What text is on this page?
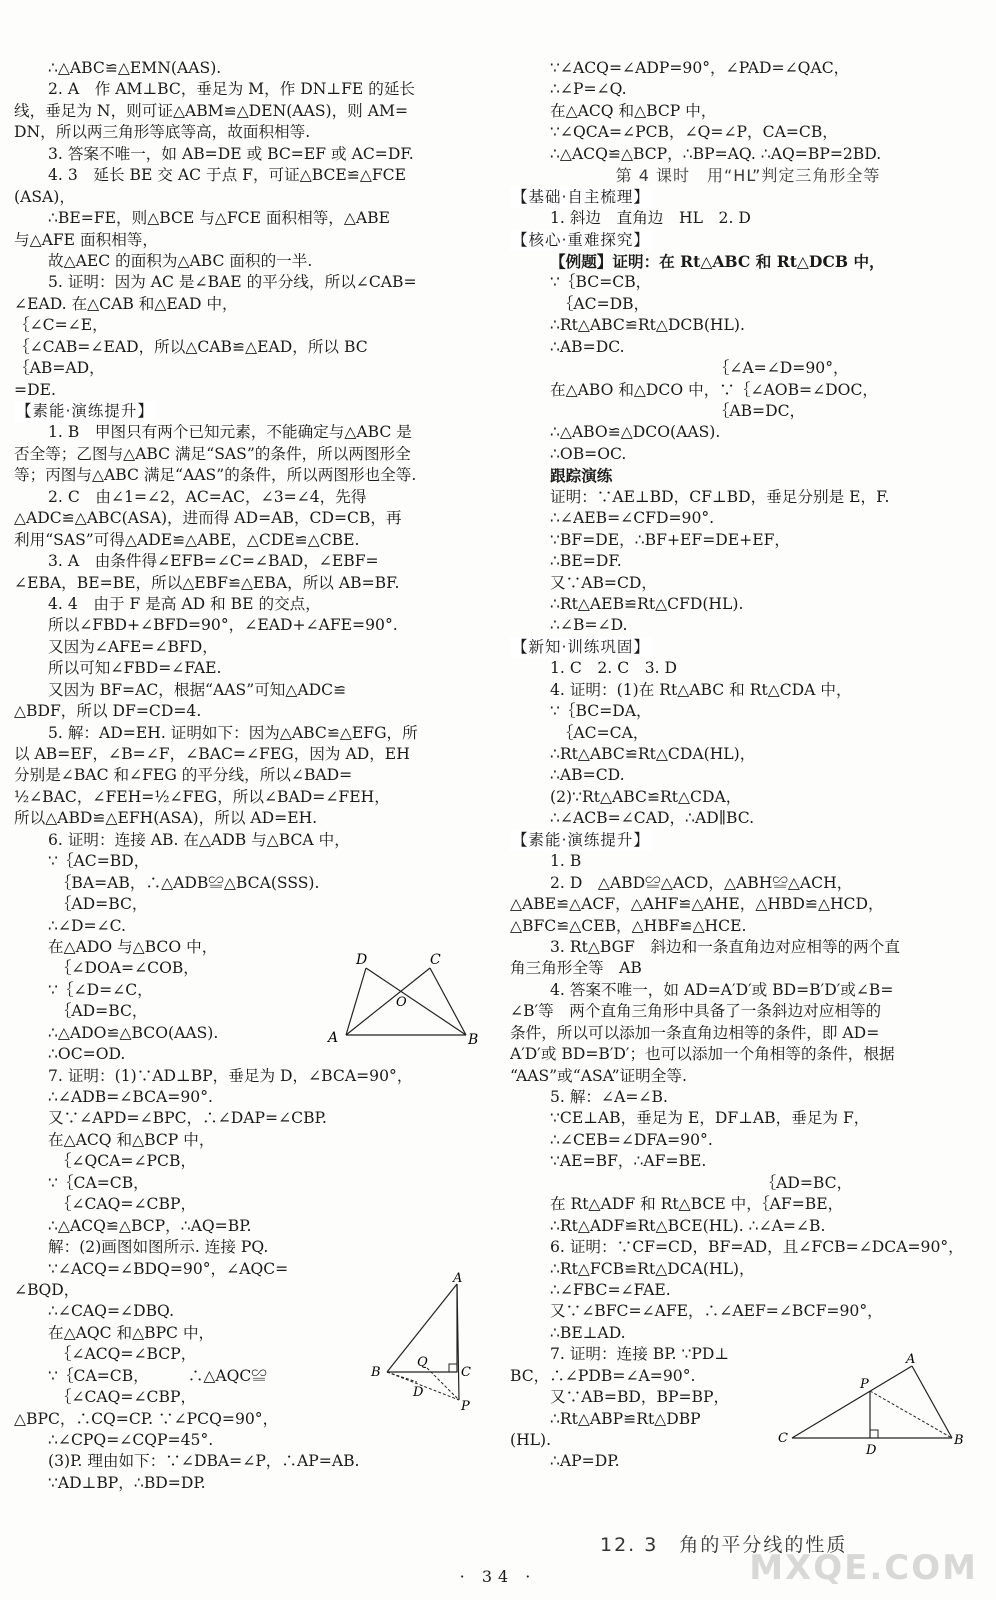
∴△ABC≌△EMN(AAS).
2. A　作 AM⊥BC，垂足为 M，作 DN⊥FE 的延长
线，垂足为 N，则可证△ABM≌△DEN(AAS)，则 AM=
DN，所以两三角形等底等高，故面积相等.
3. 答案不唯一，如 AB=DE 或 BC=EF 或 AC=DF.
4. 3　延长 BE 交 AC 于点 F，可证△BCE≌△FCE
(ASA)，
∴BE=FE，则△BCE 与△FCE 面积相等，△ABE
与△AFE 面积相等，
故△AEC 的面积为△ABC 面积的一半.
5. 证明：因为 AC 是∠BAE 的平分线，所以∠CAB=
∠EAD. 在△CAB 和△EAD 中，
｛∠C=∠E，
｛∠CAB=∠EAD，所以△CAB≌△EAD，所以 BC
｛AB=AD，
=DE.
【素能·演练提升】
1. B　甲图只有两个已知元素，不能确定与△ABC 是
否全等；乙图与△ABC 满足“SAS”的条件，所以两图形全
等；丙图与△ABC 满足“AAS”的条件，所以两图形也全等.
2. C　由∠1=∠2，AC=AC，∠3=∠4，先得
△ADC≌△ABC(ASA)，进而得 AD=AB，CD=CB，再
利用“SAS”可得△ADE≌△ABE，△CDE≌△CBE.
3. A　由条件得∠EFB=∠C=∠BAD，∠EBF=
∠EBA，BE=BE，所以△EBF≌△EBA，所以 AB=BF.
4. 4　由于 F 是高 AD 和 BE 的交点，
所以∠FBD+∠BFD=90°，∠EAD+∠AFE=90°.
又因为∠AFE=∠BFD，
所以可知∠FBD=∠FAE.
又因为 BF=AC，根据“AAS”可知△ADC≌
△BDF，所以 DF=CD=4.
5. 解：AD=EH. 证明如下：因为△ABC≌△EFG，所
以 AB=EF，∠B=∠F，∠BAC=∠FEG，因为 AD，EH
分别是∠BAC 和∠FEG 的平分线，所以∠BAD=
½∠BAC，∠FEH=½∠FEG，所以∠BAD=∠FEH，
所以△ABD≌△EFH(ASA)，所以 AD=EH.
6. 证明：连接 AB. 在△ADB 与△BCA 中，
∵｛AC=BD，
　｛BA=AB，∴△ADB≌△BCA(SSS).
　｛AD=BC，
∴∠D=∠C.
在△ADO 与△BCO 中，
　｛∠DOA=∠COB，
∵｛∠D=∠C，
　｛AD=BC，
∴△ADO≌△BCO(AAS).
∴OC=OD.
7. 证明：(1)∵AD⊥BP，垂足为 D，∠BCA=90°，
∴∠ADB=∠BCA=90°.
又∵∠APD=∠BPC，∴∠DAP=∠CBP.
在△ACQ 和△BCP 中，
　｛∠QCA=∠PCB，
∵｛CA=CB，
　｛∠CAQ=∠CBP，
∴△ACQ≌△BCP，∴AQ=BP.
解：(2)画图如图所示. 连接 PQ.
∵∠ACQ=∠BDQ=90°，∠AQC=
∠BQD，
∴∠CAQ=∠DBQ.
在△AQC 和△BPC 中，
　｛∠ACQ=∠BCP，
∵｛CA=CB，　　　∴△AQC≌
　｛∠CAQ=∠CBP，
△BPC，∴CQ=CP. ∵∠PCQ=90°，
∴∠CPQ=∠CQP=45°.
(3)P. 理由如下：∵∠DBA=∠P，∴AP=AB.
∵AD⊥BP，∴BD=DP.
∵∠ACQ=∠ADP=90°，∠PAD=∠QAC，
∴∠P=∠Q.
在△ACQ 和△BCP 中，
∵∠QCA=∠PCB，∠Q=∠P，CA=CB，
∴△ACQ≌△BCP，∴BP=AQ. ∴AQ=BP=2BD.
第 4 课时　用“HL”判定三角形全等
【基础·自主梳理】
1. 斜边　直角边　HL　2. D
【核心·重难探究】
【例题】证明：在 Rt△ABC 和 Rt△DCB 中，
∵｛BC=CB，
　｛AC=DB，
∴Rt△ABC≌Rt△DCB(HL).
∴AB=DC.
　　　　　　　　　　　｛∠A=∠D=90°，
在△ABO 和△DCO 中，∵｛∠AOB=∠DOC，
　　　　　　　　　　　｛AB=DC，
∴△ABO≌△DCO(AAS).
∴OB=OC.
跟踪演练
证明：∵AE⊥BD，CF⊥BD，垂足分别是 E，F.
∴∠AEB=∠CFD=90°.
∵BF=DE，∴BF+EF=DE+EF，
∴BE=DF.
又∵AB=CD，
∴Rt△AEB≌Rt△CFD(HL).
∴∠B=∠D.
【新知·训练巩固】
1. C　2. C　3. D
4. 证明：(1)在 Rt△ABC 和 Rt△CDA 中，
∵｛BC=DA，
　｛AC=CA，
∴Rt△ABC≌Rt△CDA(HL)，
∴AB=CD.
(2)∵Rt△ABC≌Rt△CDA，
∴∠ACB=∠CAD，∴AD∥BC.
【素能·演练提升】
1. B
2. D　△ABD≌△ACD，△ABH≌△ACH，
△ABE≌△ACF，△AHF≌△AHE，△HBD≌△HCD，
△BFC≌△CEB，△HBF≌△HCE.
3. Rt△BGF　斜边和一条直角边对应相等的两个直
角三角形全等　AB
4. 答案不唯一，如 AD=A′D′或 BD=B′D′或∠B=
∠B′等　两个直角三角形中具备了一条斜边对应相等的
条件，所以可以添加一条直角边相等的条件，即 AD=
A′D′或 BD=B′D′；也可以添加一个角相等的条件，根据
“AAS”或“ASA”证明全等.
5. 解：∠A=∠B.
∵CE⊥AB，垂足为 E，DF⊥AB，垂足为 F，
∴∠CEB=∠DFA=90°.
∵AE=BF，∴AF=BE.
　　　　　　　　　　　　　　｛AD=BC，
在 Rt△ADF 和 Rt△BCE 中，｛AF=BE，
∴Rt△ADF≌Rt△BCE(HL). ∴∠A=∠B.
6. 证明：∵CF=CD，BF=AD，且∠FCB=∠DCA=90°，
∴Rt△FCB≌Rt△DCA(HL)，
∴∠FBC=∠FAE.
又∵∠BFC=∠AFE，∴∠AEF=∠BCF=90°，
∴BE⊥AD.
7. 证明：连接 BP. ∵PD⊥
BC，∴∠PDB=∠A=90°.
又∵AB=BD，BP=BP，
∴Rt△ABP≌Rt△DBP
(HL).
∴AP=DP.
D	C
A	B
O
A
B	C
D
P
Q	A
C	B
P
D
12. 3　角的平分线的性质
· 34 ·	MXQE.COM
